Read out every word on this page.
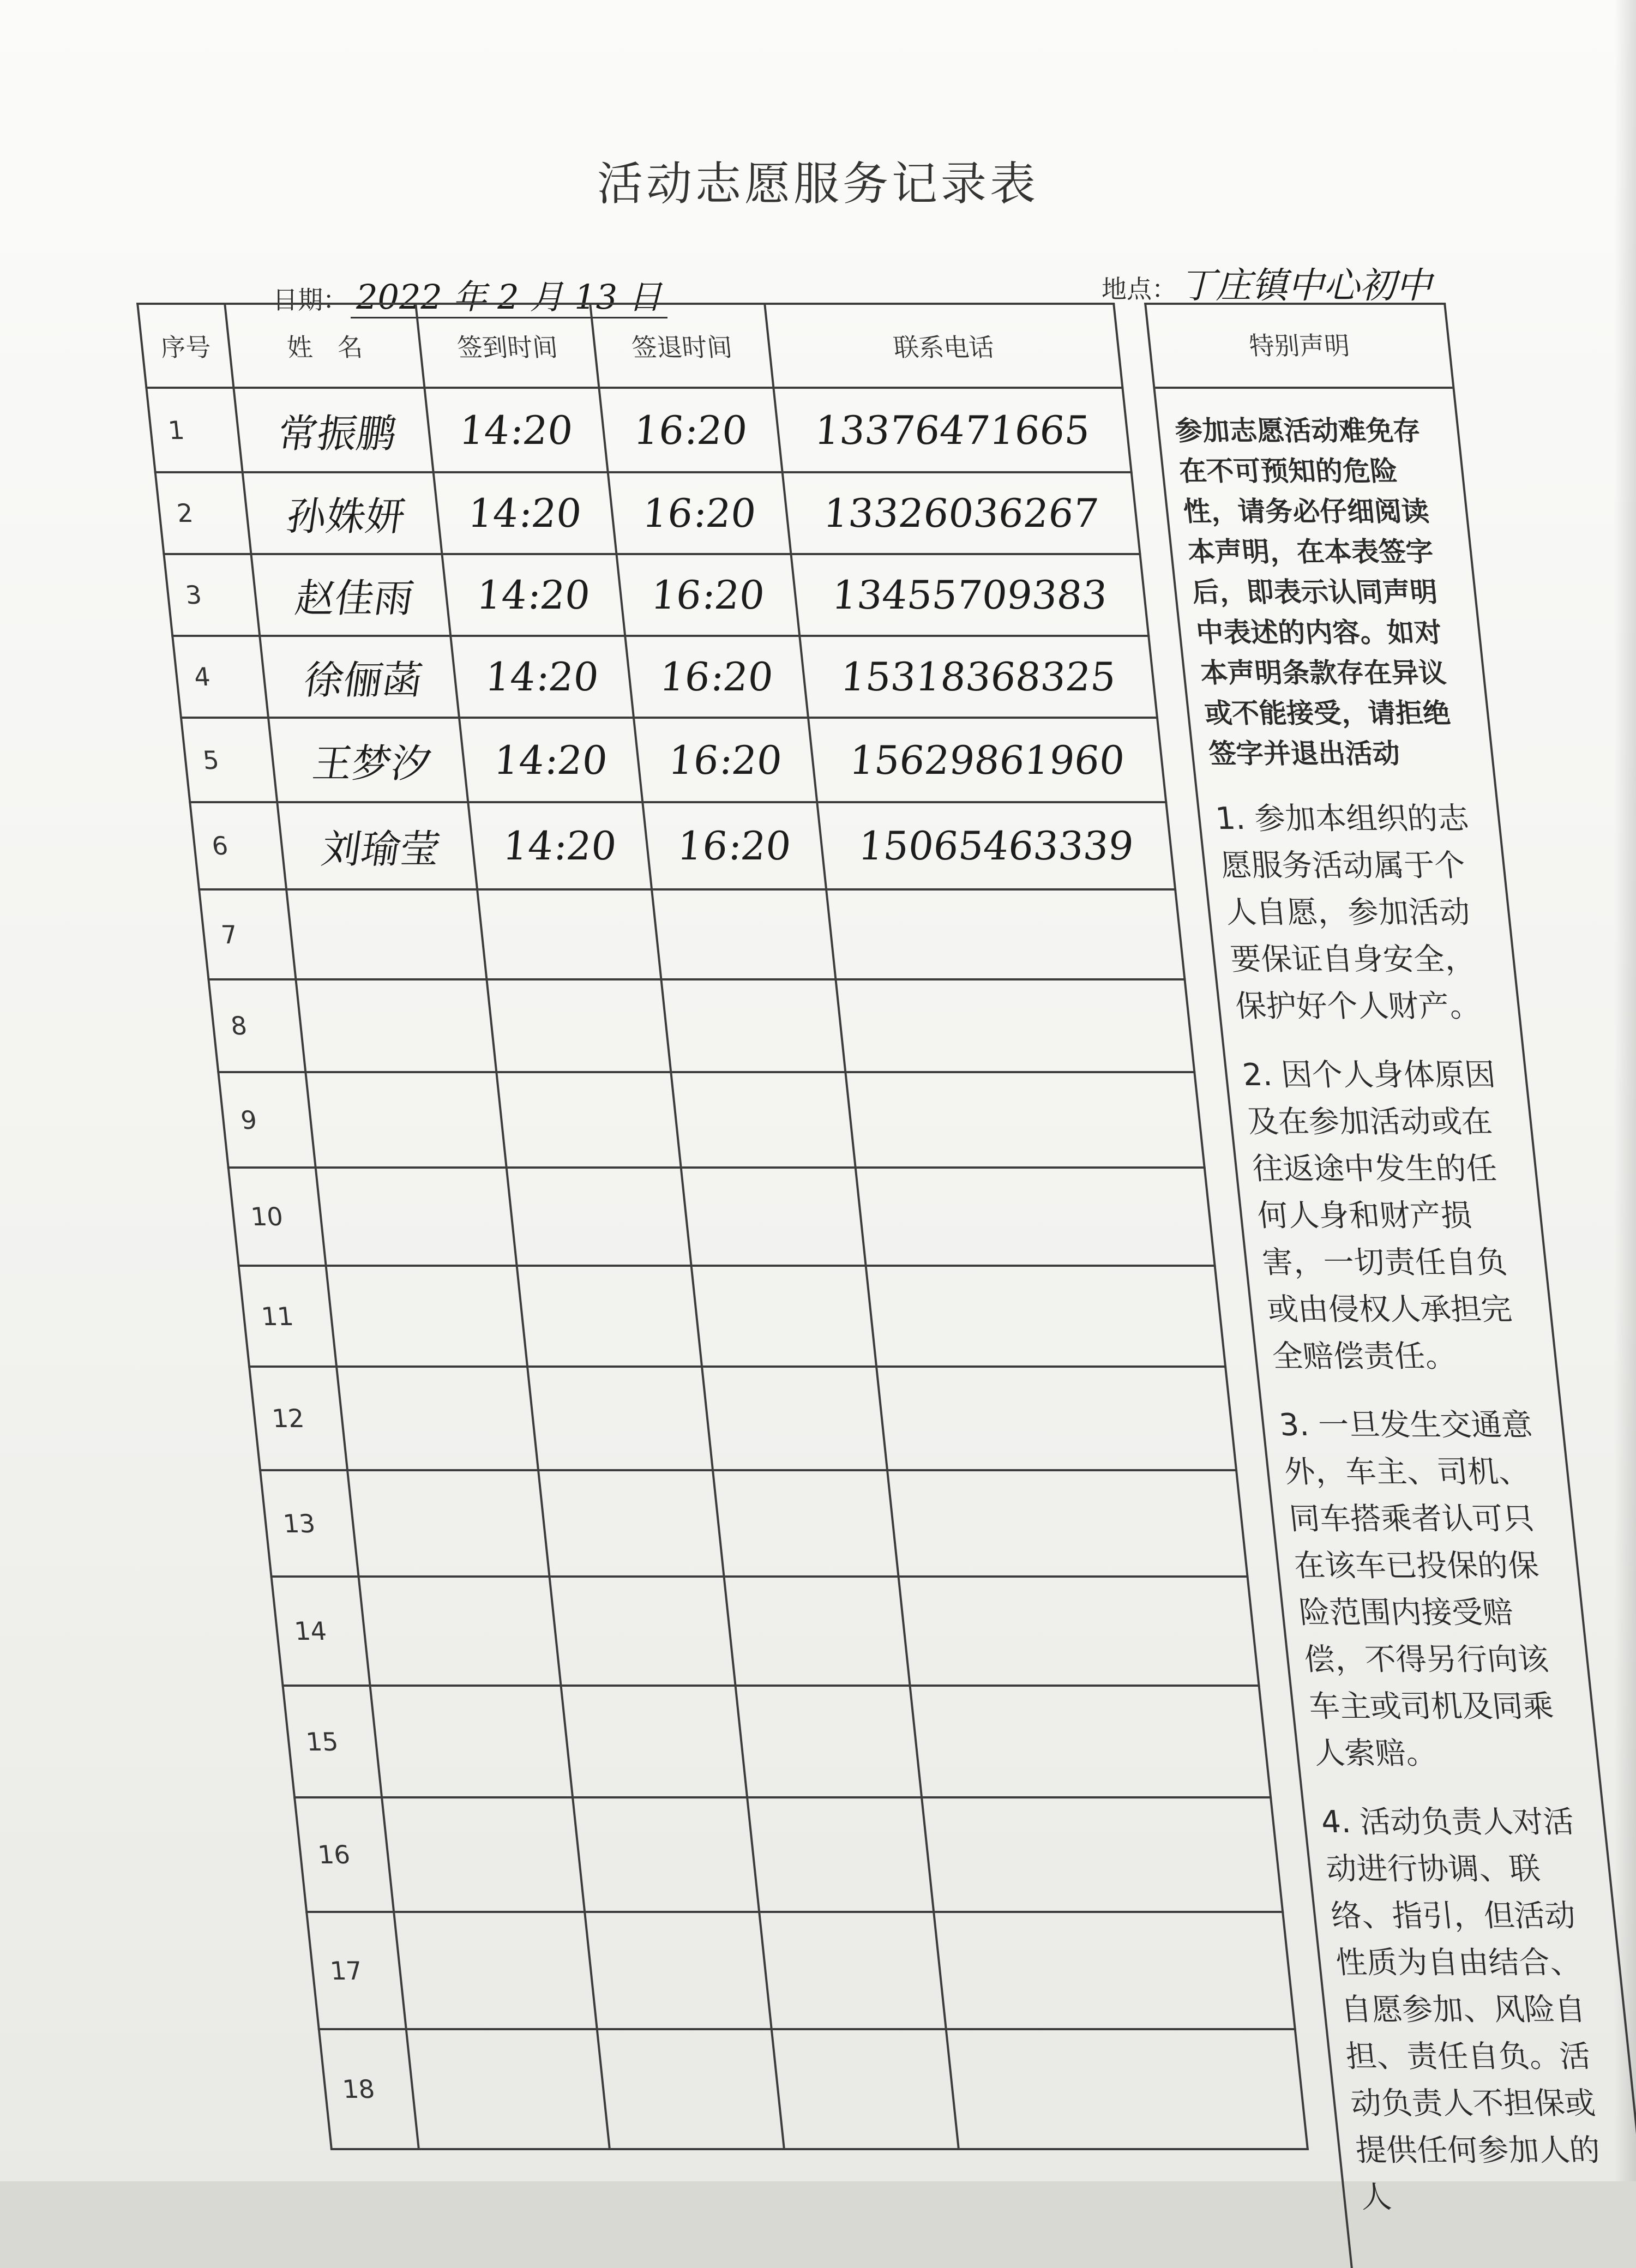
活动志愿服务记录表
日期： 2022 年 2 月 13 日	地点： 丁庄镇中心初中
序号	姓　名	签到时间	签退时间	联系电话
1	常振鹏	14:20	16:20	13376471665
2	孙姝妍	14:20	16:20	13326036267
3	赵佳雨	14:20	16:20	13455709383
4	徐俪菡	14:20	16:20	15318368325
5	王梦汐	14:20	16:20	15629861960
6	刘瑜莹	14:20	16:20	15065463339
7				
8				
9				
10				
11				
12				
13				
14				
15				
16				
17				
18				
特别声明
参加志愿活动难免存在不可预知的危险性，请务必仔细阅读本声明，在本表签字后，即表示认同声明中表述的内容。如对本声明条款存在异议或不能接受，请拒绝签字并退出活动
1. 参加本组织的志愿服务活动属于个人自愿，参加活动要保证自身安全，保护好个人财产。
2. 因个人身体原因及在参加活动或在往返途中发生的任何人身和财产损害，一切责任自负或由侵权人承担完全赔偿责任。
3. 一旦发生交通意外，车主、司机、同车搭乘者认可只在该车已投保的保险范围内接受赔偿，不得另行向该车主或司机及同乘人索赔。
4. 活动负责人对活动进行协调、联络、指引，但活动性质为自由结合、自愿参加、风险自担、责任自负。活动负责人不担保或提供任何参加人的人
